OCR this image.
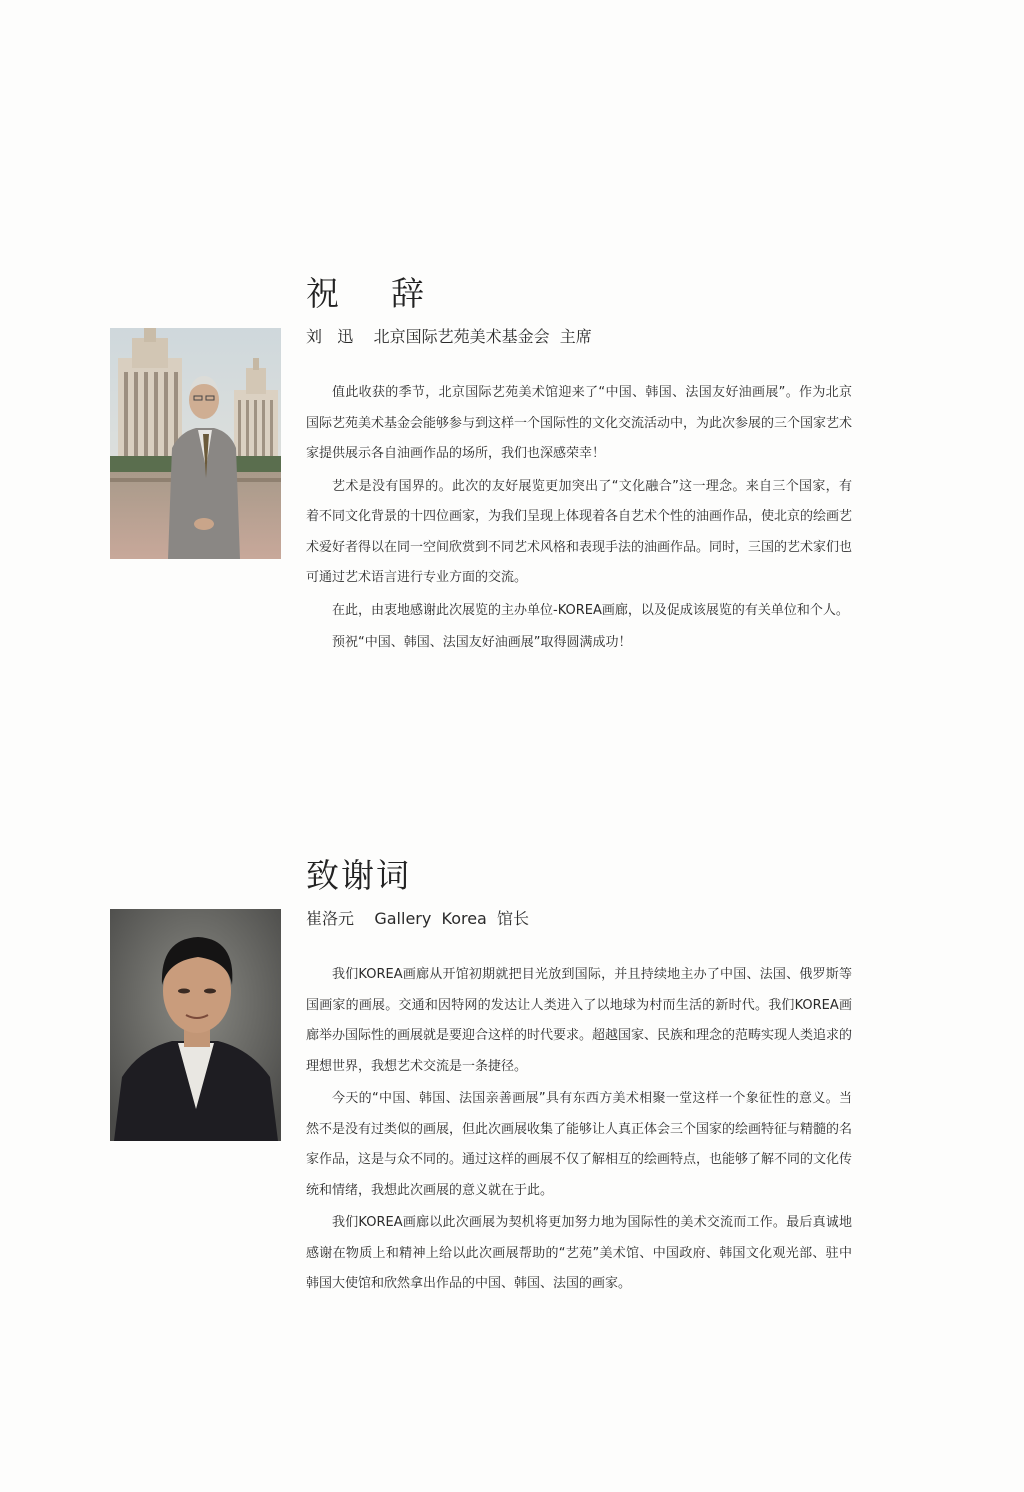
祝    辞
刘   迅    北京国际艺苑美术基金会  主席

值此收获的季节，北京国际艺苑美术馆迎来了“中国、韩国、法国友好油画展”。作为北京国际艺苑美术基金会能够参与到这样一个国际性的文化交流活动中，为此次参展的三个国家艺术家提供展示各自油画作品的场所，我们也深感荣幸！

艺术是没有国界的。此次的友好展览更加突出了“文化融合”这一理念。来自三个国家，有着不同文化背景的十四位画家，为我们呈现上体现着各自艺术个性的油画作品，使北京的绘画艺术爱好者得以在同一空间欣赏到不同艺术风格和表现手法的油画作品。同时，三国的艺术家们也可通过艺术语言进行专业方面的交流。

在此，由衷地感谢此次展览的主办单位-KOREA画廊，以及促成该展览的有关单位和个人。

预祝“中国、韩国、法国友好油画展”取得圆满成功！

致谢词
崔洛元    Gallery  Korea  馆长

我们KOREA画廊从开馆初期就把目光放到国际，并且持续地主办了中国、法国、俄罗斯等国画家的画展。交通和因特网的发达让人类进入了以地球为村而生活的新时代。我们KOREA画廊举办国际性的画展就是要迎合这样的时代要求。超越国家、民族和理念的范畴实现人类追求的理想世界，我想艺术交流是一条捷径。

今天的“中国、韩国、法国亲善画展”具有东西方美术相聚一堂这样一个象征性的意义。当然不是没有过类似的画展，但此次画展收集了能够让人真正体会三个国家的绘画特征与精髓的名家作品，这是与众不同的。通过这样的画展不仅了解相互的绘画特点，也能够了解不同的文化传统和情绪，我想此次画展的意义就在于此。

我们KOREA画廊以此次画展为契机将更加努力地为国际性的美术交流而工作。最后真诚地感谢在物质上和精神上给以此次画展帮助的“艺苑”美术馆、中国政府、韩国文化观光部、驻中韩国大使馆和欣然拿出作品的中国、韩国、法国的画家。
